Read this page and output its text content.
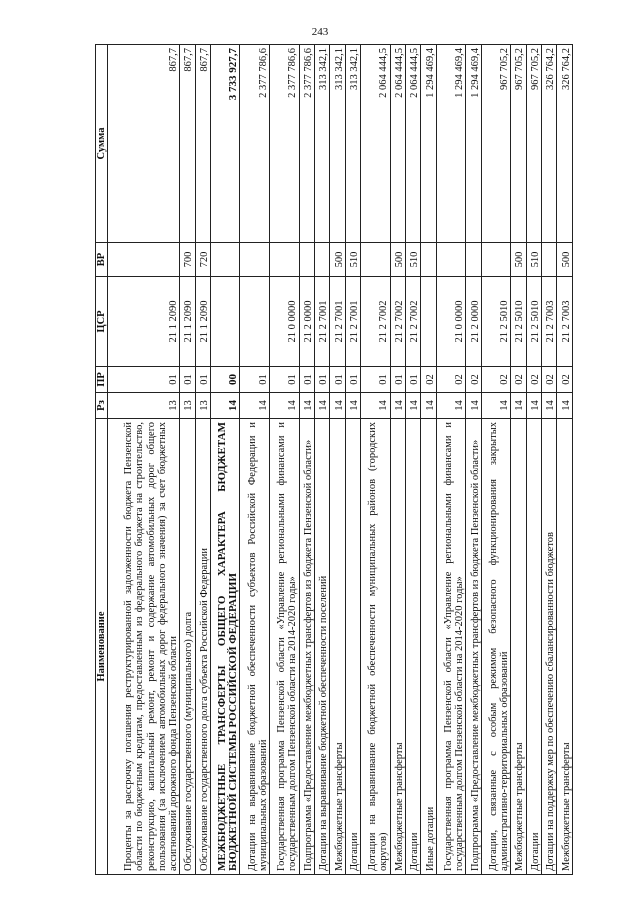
243
Наименование	Рз	ПР	ЦСР	ВР	Сумма
Проценты за рассрочку погашения реструктурированной задолженности бюджета Пензенской области по бюджетным кредитам, предоставленным из федерального бюджета на строительство, реконструкцию, капитальный ремонт, ремонт и содержание автомобильных дорог общего пользования (за исключением автомобильных дорог федерального значения) за счет бюджетных ассигнований дорожного фонда Пензенской области	13	01	21 1 2090		867,7
Обслуживание государственного (муниципального) долга	13	01	21 1 2090	700	867,7
Обслуживание государственного долга субъекта Российской Федерации	13	01	21 1 2090	720	867,7
МЕЖБЮДЖЕТНЫЕ ТРАНСФЕРТЫ ОБЩЕГО ХАРАКТЕРА БЮДЖЕТАМ БЮДЖЕТНОЙ СИСТЕМЫ РОССИЙСКОЙ ФЕДЕРАЦИИ	14	00			3 733 927,7
Дотации на выравнивание бюджетной обеспеченности субъектов Российской Федерации и муниципальных образований	14	01			2 377 786,6
Государственная программа Пензенской области «Управление региональными финансами и государственным долгом Пензенской области на 2014-2020 годы»	14	01	21 0 0000		2 377 786,6
Подпрограмма «Предоставление межбюджетных трансфертов из бюджета Пензенской области»	14	01	21 2 0000		2 377 786,6
Дотации на выравнивание бюджетной обеспеченности поселений	14	01	21 2 7001		313 342,1
Межбюджетные трансферты	14	01	21 2 7001	500	313 342,1
Дотации	14	01	21 2 7001	510	313 342,1
Дотации на выравнивание бюджетной обеспеченности муниципальных районов (городских округов)	14	01	21 2 7002		2 064 444,5
Межбюджетные трансферты	14	01	21 2 7002	500	2 064 444,5
Дотации	14	01	21 2 7002	510	2 064 444,5
Иные дотации	14	02			1 294 469,4
Государственная программа Пензенской области «Управление региональными финансами и государственным долгом Пензенской области на 2014-2020 годы»	14	02	21 0 0000		1 294 469,4
Подпрограмма «Предоставление межбюджетных трансфертов из бюджета Пензенской области»	14	02	21 2 0000		1 294 469,4
Дотации, связанные с особым режимом безопасного функционирования закрытых административно-территориальных образований	14	02	21 2 5010		967 705,2
Межбюджетные трансферты	14	02	21 2 5010	500	967 705,2
Дотации	14	02	21 2 5010	510	967 705,2
Дотации на поддержку мер по обеспечению сбалансированности бюджетов	14	02	21 2 7003		326 764,2
Межбюджетные трансферты	14	02	21 2 7003	500	326 764,2
